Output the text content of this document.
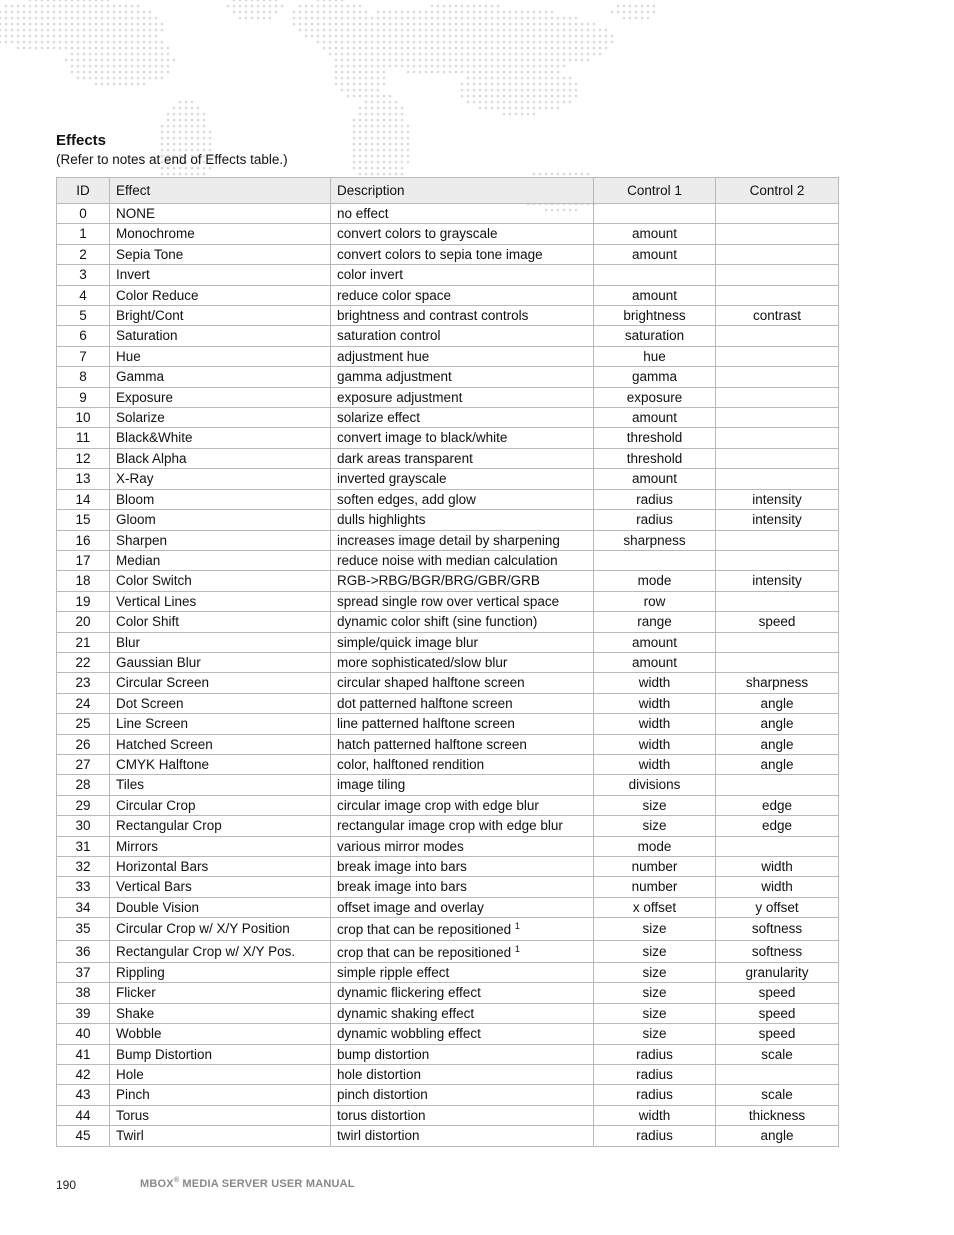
Effects
(Refer to notes at end of Effects table.)
ID	Effect	Description	Control 1	Control 2
0	NONE	no effect		
1	Monochrome	convert colors to grayscale	amount	
2	Sepia Tone	convert colors to sepia tone image	amount	
3	Invert	color invert		
4	Color Reduce	reduce color space	amount	
5	Bright/Cont	brightness and contrast controls	brightness	contrast
6	Saturation	saturation control	saturation	
7	Hue	adjustment hue	hue	
8	Gamma	gamma adjustment	gamma	
9	Exposure	exposure adjustment	exposure	
10	Solarize	solarize effect	amount	
11	Black&White	convert image to black/white	threshold	
12	Black Alpha	dark areas transparent	threshold	
13	X-Ray	inverted grayscale	amount	
14	Bloom	soften edges, add glow	radius	intensity
15	Gloom	dulls highlights	radius	intensity
16	Sharpen	increases image detail by sharpening	sharpness	
17	Median	reduce noise with median calculation		
18	Color Switch	RGB->RBG/BGR/BRG/GBR/GRB	mode	intensity
19	Vertical Lines	spread single row over vertical space	row	
20	Color Shift	dynamic color shift (sine function)	range	speed
21	Blur	simple/quick image blur	amount	
22	Gaussian Blur	more sophisticated/slow blur	amount	
23	Circular Screen	circular shaped halftone screen	width	sharpness
24	Dot Screen	dot patterned halftone screen	width	angle
25	Line Screen	line patterned halftone screen	width	angle
26	Hatched Screen	hatch patterned halftone screen	width	angle
27	CMYK Halftone	color, halftoned rendition	width	angle
28	Tiles	image tiling	divisions	
29	Circular Crop	circular image crop with edge blur	size	edge
30	Rectangular Crop	rectangular image crop with edge blur	size	edge
31	Mirrors	various mirror modes	mode	
32	Horizontal Bars	break image into bars	number	width
33	Vertical Bars	break image into bars	number	width
34	Double Vision	offset image and overlay	x offset	y offset
35	Circular Crop w/ X/Y Position	crop that can be repositioned $^1$	size	softness
36	Rectangular Crop w/ X/Y Pos.	crop that can be repositioned $^1$	size	softness
37	Rippling	simple ripple effect	size	granularity
38	Flicker	dynamic flickering effect	size	speed
39	Shake	dynamic shaking effect	size	speed
40	Wobble	dynamic wobbling effect	size	speed
41	Bump Distortion	bump distortion	radius	scale
42	Hole	hole distortion	radius	
43	Pinch	pinch distortion	radius	scale
44	Torus	torus distortion	width	thickness
45	Twirl	twirl distortion	radius	angle
190	MBOX® MEDIA SERVER USER MANUAL
